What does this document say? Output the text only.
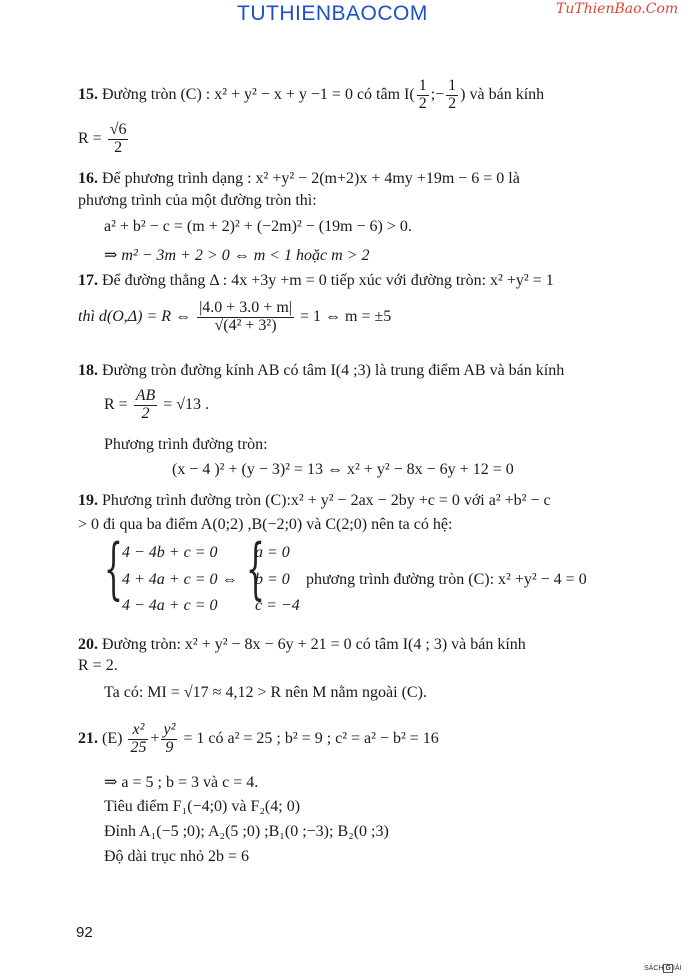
TUTHIENBAOCOM	TuThienBao.Com
15. Đường tròn (C) : x² + y² − x + y −1 = 0 có tâm $I( \frac{1}{2}$ ;− $\frac{1}{2}$ ) và bán kính
$R = \frac{√6}{2}$
16. Để phương trình dạng : x² +y² − 2(m+2)x + 4my +19m − 6 = 0 là
phương trình của một đường tròn thì:
a² + b² − c = (m + 2)² + (−2m)² − (19m − 6) > 0.
⇒ m² − 3m + 2 > 0 ⇔ m < 1 hoặc m > 2
17. Để đường thẳng Δ : 4x +3y +m = 0 tiếp xúc với đường tròn: x² +y² = 1
thì d(O,Δ) = R ⇔ $\frac{|4.0 + 3.0 + m|}{\text{√(4² + 3²)}} = 1$ ⇔ m = ±5
18. Đường tròn đường kính AB có tâm I(4 ;3) là trung điểm AB và bán kính
$R = \frac{AB}{2} = √13$ .
Phương trình đường tròn:
(x − 4 )² + (y − 3)² = 13 ⇔ x² + y² − 8x − 6y + 12 = 0
19. Phương trình đường tròn (C):x² + y² − 2ax − 2by +c = 0 với a² +b² − c
> 0 đi qua ba điểm A(0;2) ,B(−2;0) và C(2;0) nên ta có hệ:
{ 4 − 4b + c = 0
4 + 4a + c = 0 ⇔
4 − 4a + c = 0 {
a = 0
b = 0
c = −4
phương trình đường tròn (C): x² +y² − 4 = 0
20. Đường tròn: x² + y² − 8x − 6y + 21 = 0 có tâm I(4 ; 3) và bán kính
R = 2.
Ta có: MI = √17 ≈ 4,12 > R nên M nằm ngoài (C).
21. $(E) \frac{\text{x²}}{25} + \frac{\text{y²}}{9} = 1$ có a² = 25 ; b² = 9 ; c² = a² − b² = 16
⇒ a = 5 ; b = 3 và c = 4.
Tiêu điểm F₁(−4;0) và F₂(4; 0)
Đỉnh A₁(−5 ;0); A₂(5 ;0) ;B₁(0 ;−3); B₂(0 ;3)
Độ dài trục nhỏ 2b = 6
92
SÁCH G IẢI
